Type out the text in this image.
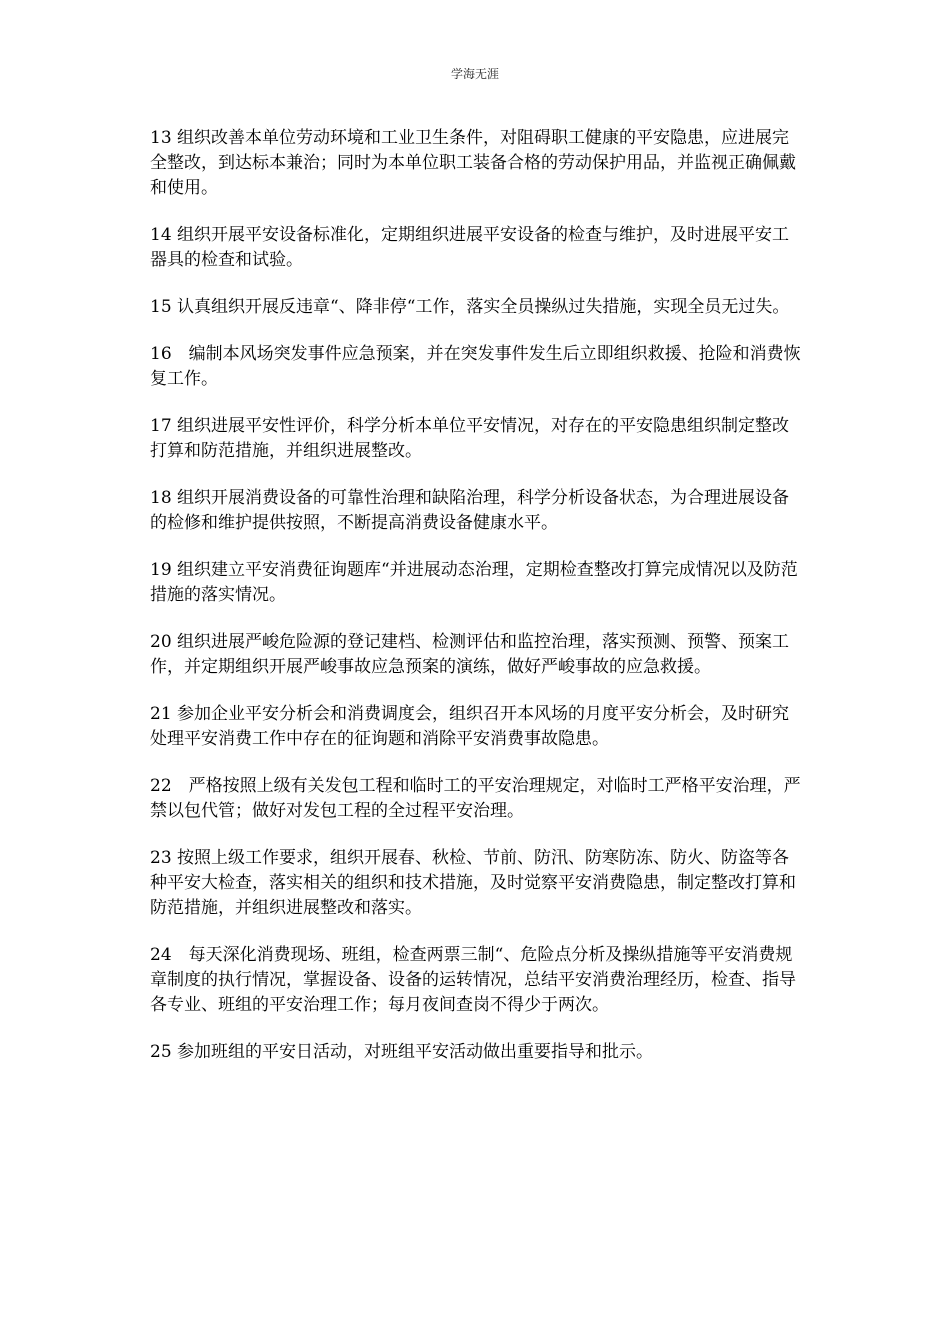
学海无涯

13 组织改善本单位劳动环境和工业卫生条件，对阻碍职工健康的平安隐患，应进展完全整改，到达标本兼治；同时为本单位职工装备合格的劳动保护用品，并监视正确佩戴和使用。

14 组织开展平安设备标准化，定期组织进展平安设备的检查与维护，及时进展平安工器具的检查和试验。

15 认真组织开展反违章“、降非停“工作，落实全员操纵过失措施，实现全员无过失。

16　编制本风场突发事件应急预案，并在突发事件发生后立即组织救援、抢险和消费恢复工作。

17 组织进展平安性评价，科学分析本单位平安情况，对存在的平安隐患组织制定整改打算和防范措施，并组织进展整改。

18 组织开展消费设备的可靠性治理和缺陷治理，科学分析设备状态，为合理进展设备的检修和维护提供按照，不断提高消费设备健康水平。

19 组织建立平安消费征询题库“并进展动态治理，定期检查整改打算完成情况以及防范措施的落实情况。

20 组织进展严峻危险源的登记建档、检测评估和监控治理，落实预测、预警、预案工作，并定期组织开展严峻事故应急预案的演练，做好严峻事故的应急救援。

21 参加企业平安分析会和消费调度会，组织召开本风场的月度平安分析会，及时研究处理平安消费工作中存在的征询题和消除平安消费事故隐患。

22　严格按照上级有关发包工程和临时工的平安治理规定，对临时工严格平安治理，严禁以包代管；做好对发包工程的全过程平安治理。

23 按照上级工作要求，组织开展春、秋检、节前、防汛、防寒防冻、防火、防盗等各种平安大检查，落实相关的组织和技术措施，及时觉察平安消费隐患，制定整改打算和防范措施，并组织进展整改和落实。

24　每天深化消费现场、班组，检查两票三制“、危险点分析及操纵措施等平安消费规章制度的执行情况，掌握设备、设备的运转情况，总结平安消费治理经历，检查、指导各专业、班组的平安治理工作；每月夜间查岗不得少于两次。

25 参加班组的平安日活动，对班组平安活动做出重要指导和批示。
